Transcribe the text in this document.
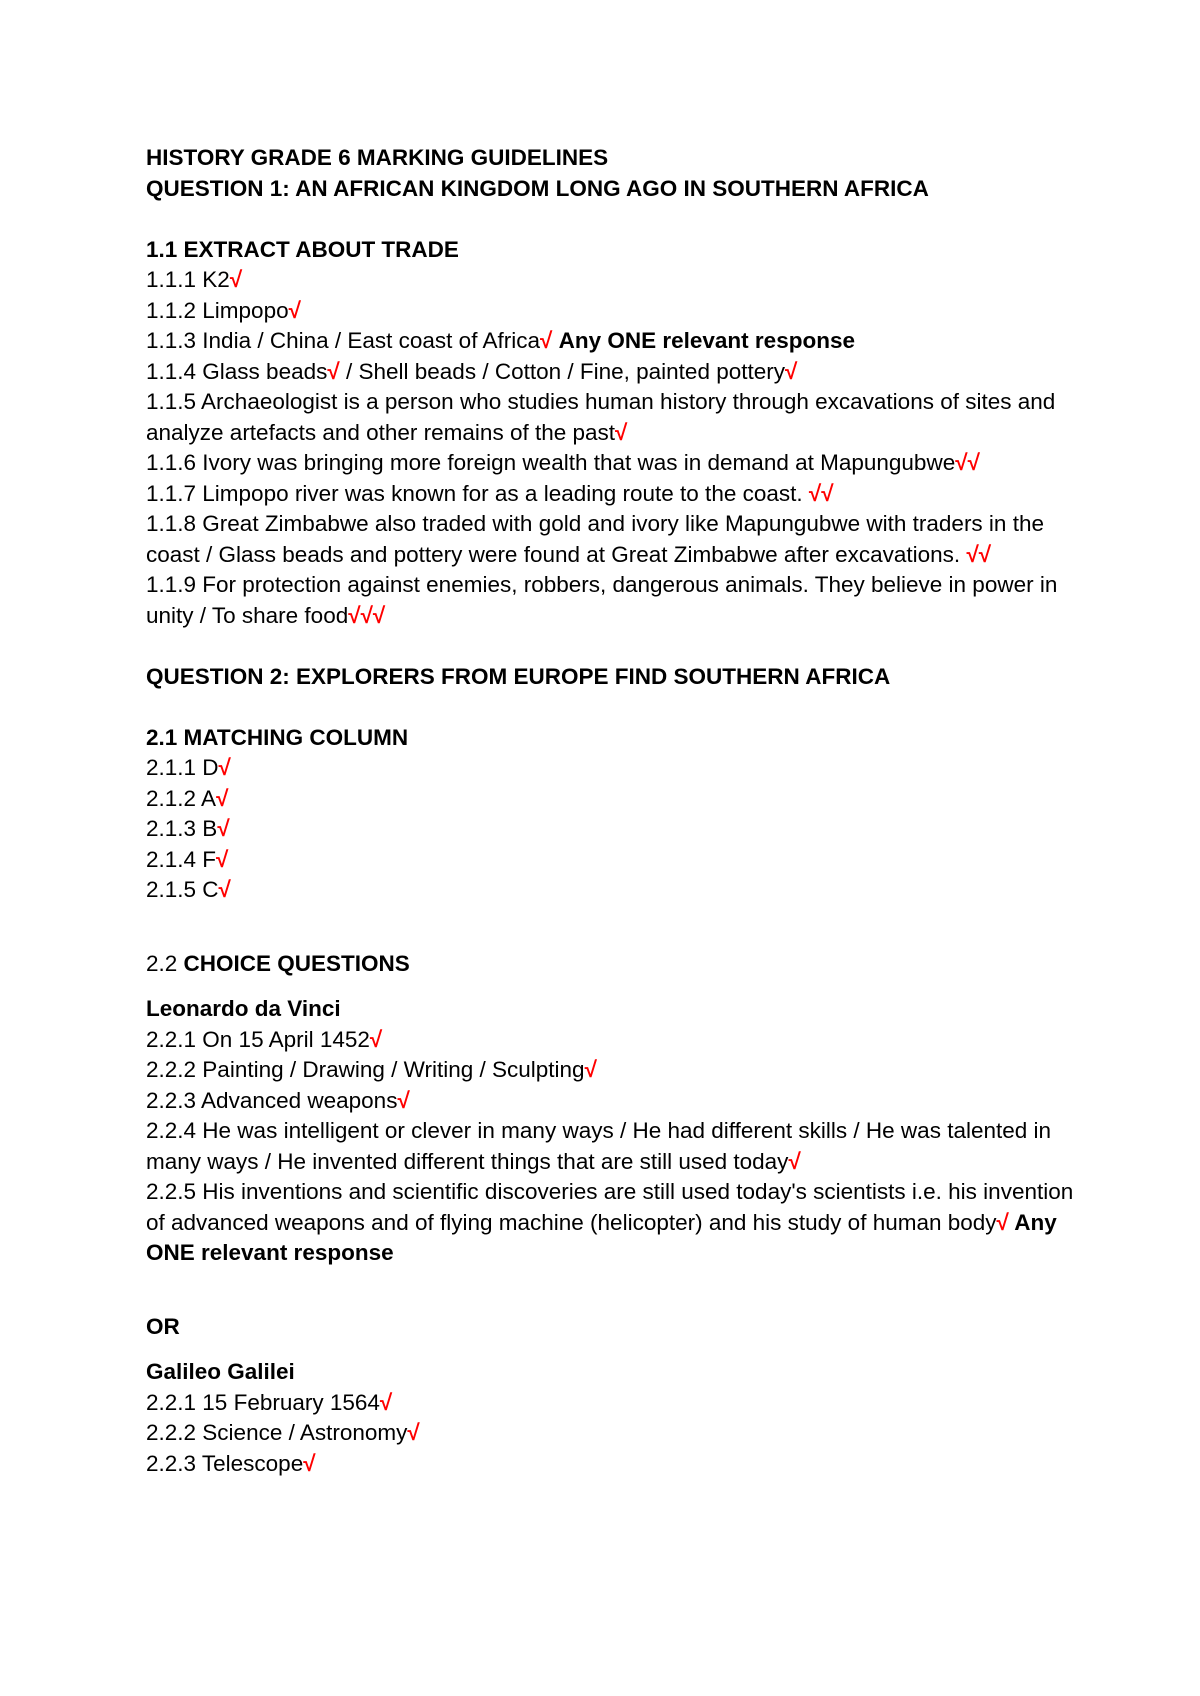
HISTORY GRADE 6 MARKING GUIDELINES
QUESTION 1: AN AFRICAN KINGDOM LONG AGO IN SOUTHERN AFRICA
1.1 EXTRACT ABOUT TRADE
1.1.1 K2√
1.1.2 Limpopo√
1.1.3 India / China / East coast of Africa√ Any ONE relevant response
1.1.4 Glass beads√ / Shell beads / Cotton / Fine, painted pottery√
1.1.5 Archaeologist is a person who studies human history through excavations of sites and analyze artefacts and other remains of the past√
1.1.6 Ivory was bringing more foreign wealth that was in demand at Mapungubwe√√
1.1.7 Limpopo river was known for as a leading route to the coast. √√
1.1.8 Great Zimbabwe also traded with gold and ivory like Mapungubwe with traders in the coast / Glass beads and pottery were found at Great Zimbabwe after excavations. √√
1.1.9 For protection against enemies, robbers, dangerous animals. They believe in power in unity / To share food√√√
QUESTION 2: EXPLORERS FROM EUROPE FIND SOUTHERN AFRICA
2.1 MATCHING COLUMN
2.1.1 D√
2.1.2 A√
2.1.3 B√
2.1.4 F√
2.1.5 C√
2.2 CHOICE QUESTIONS
Leonardo da Vinci
2.2.1 On 15 April 1452√
2.2.2 Painting / Drawing / Writing / Sculpting√
2.2.3 Advanced weapons√
2.2.4 He was intelligent or clever in many ways / He had different skills / He was talented in many ways / He invented different things that are still used today√
2.2.5 His inventions and scientific discoveries are still used today's scientists i.e. his invention of advanced weapons and of flying machine (helicopter) and his study of human body√ Any ONE relevant response
OR
Galileo Galilei
2.2.1 15 February 1564√
2.2.2 Science / Astronomy√
2.2.3 Telescope√
